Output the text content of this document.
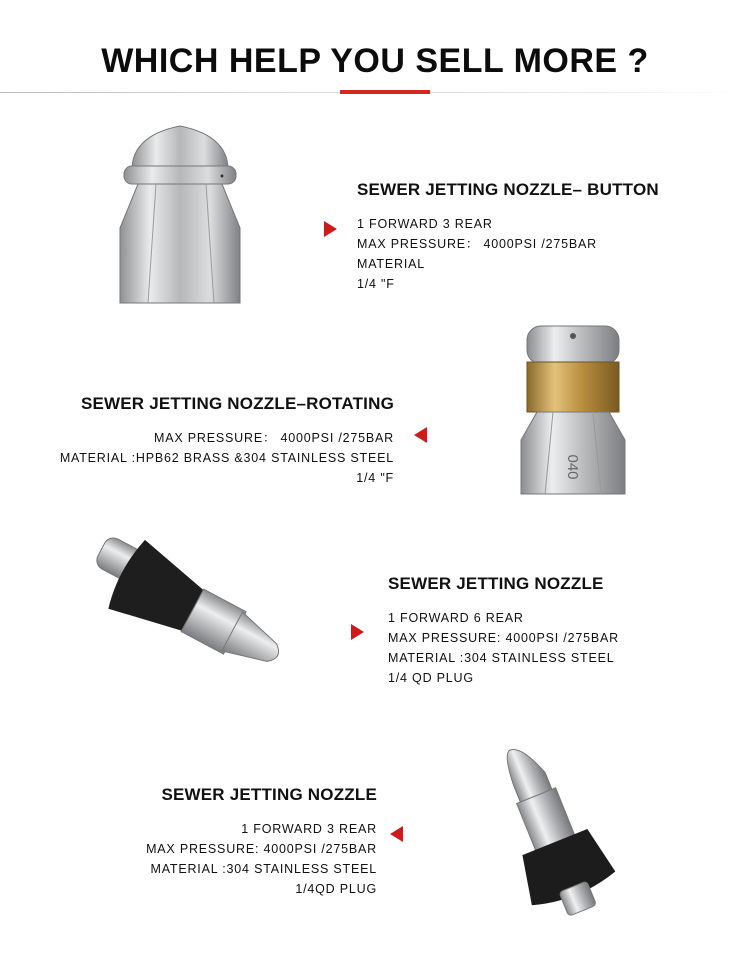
WHICH HELP YOU SELL MORE ?
SEWER JETTING NOZZLE– BUTTON
1 FORWARD 3 REAR
MAX PRESSURE： 4000PSI /275BAR
MATERIAL
1/4 "F
SEWER JETTING NOZZLE–ROTATING
MAX PRESSURE： 4000PSI /275BAR
MATERIAL :HPB62 BRASS &304 STAINLESS STEEL
1/4 "F	040
SEWER JETTING NOZZLE
1 FORWARD 6 REAR
MAX PRESSURE: 4000PSI /275BAR
MATERIAL :304 STAINLESS STEEL
1/4 QD PLUG
SEWER JETTING NOZZLE
1 FORWARD 3 REAR
MAX PRESSURE: 4000PSI /275BAR
MATERIAL :304 STAINLESS STEEL
1/4QD PLUG
